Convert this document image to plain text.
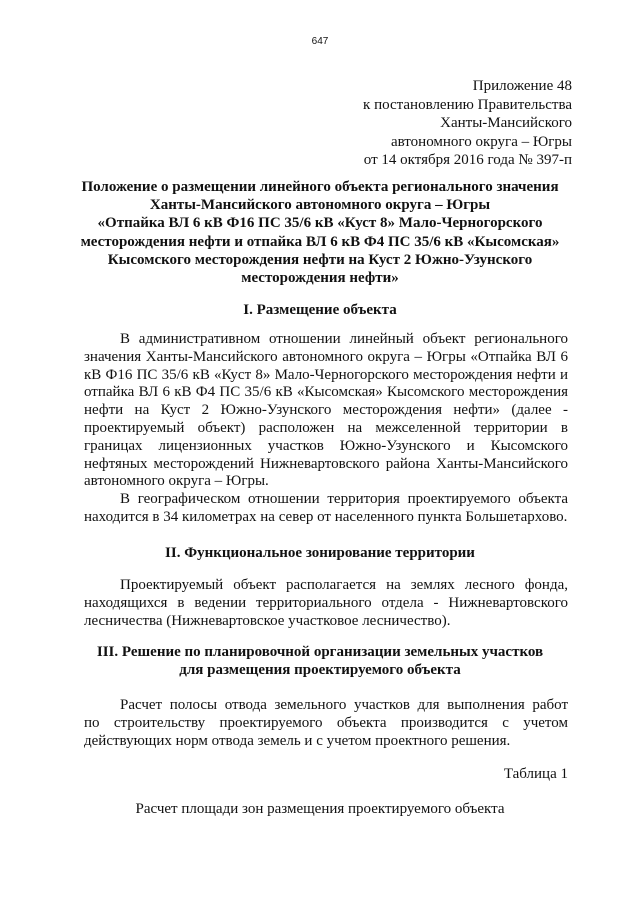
647
Приложение 48
к постановлению Правительства
Ханты-Мансийского
автономного округа – Югры
от 14 октября 2016 года № 397-п
Положение о размещении линейного объекта регионального значения
Ханты-Мансийского автономного округа – Югры
«Отпайка ВЛ 6 кВ Ф16 ПС 35/6 кВ «Куст 8» Мало-Черногорского
месторождения нефти и отпайка ВЛ 6 кВ Ф4 ПС 35/6 кВ «Кысомская»
Кысомского месторождения нефти на Куст 2 Южно-Узунского
месторождения нефти»
I. Размещение объекта
В административном отношении линейный объект регионального
значения Ханты-Мансийского автономного округа – Югры «Отпайка ВЛ 6
кВ Ф16 ПС 35/6 кВ «Куст 8» Мало-Черногорского месторождения нефти и
отпайка ВЛ 6 кВ Ф4 ПС 35/6 кВ «Кысомская» Кысомского месторождения
нефти на Куст 2 Южно-Узунского месторождения нефти» (далее -
проектируемый объект) расположен на межселенной территории в
границах лицензионных участков Южно-Узунского и Кысомского
нефтяных месторождений Нижневартовского района Ханты-Мансийского
автономного округа – Югры.
В географическом отношении территория проектируемого объекта
находится в 34 километрах на север от населенного пункта Большетархово.
II. Функциональное зонирование территории
Проектируемый объект располагается на землях лесного фонда,
находящихся в ведении территориального отдела - Нижневартовского
лесничества (Нижневартовское участковое лесничество).
III. Решение по планировочной организации земельных участков
для размещения проектируемого объекта
Расчет полосы отвода земельного участков для выполнения работ
по строительству проектируемого объекта производится с учетом
действующих норм отвода земель и с учетом проектного решения.
Таблица 1
Расчет площади зон размещения проектируемого объекта
